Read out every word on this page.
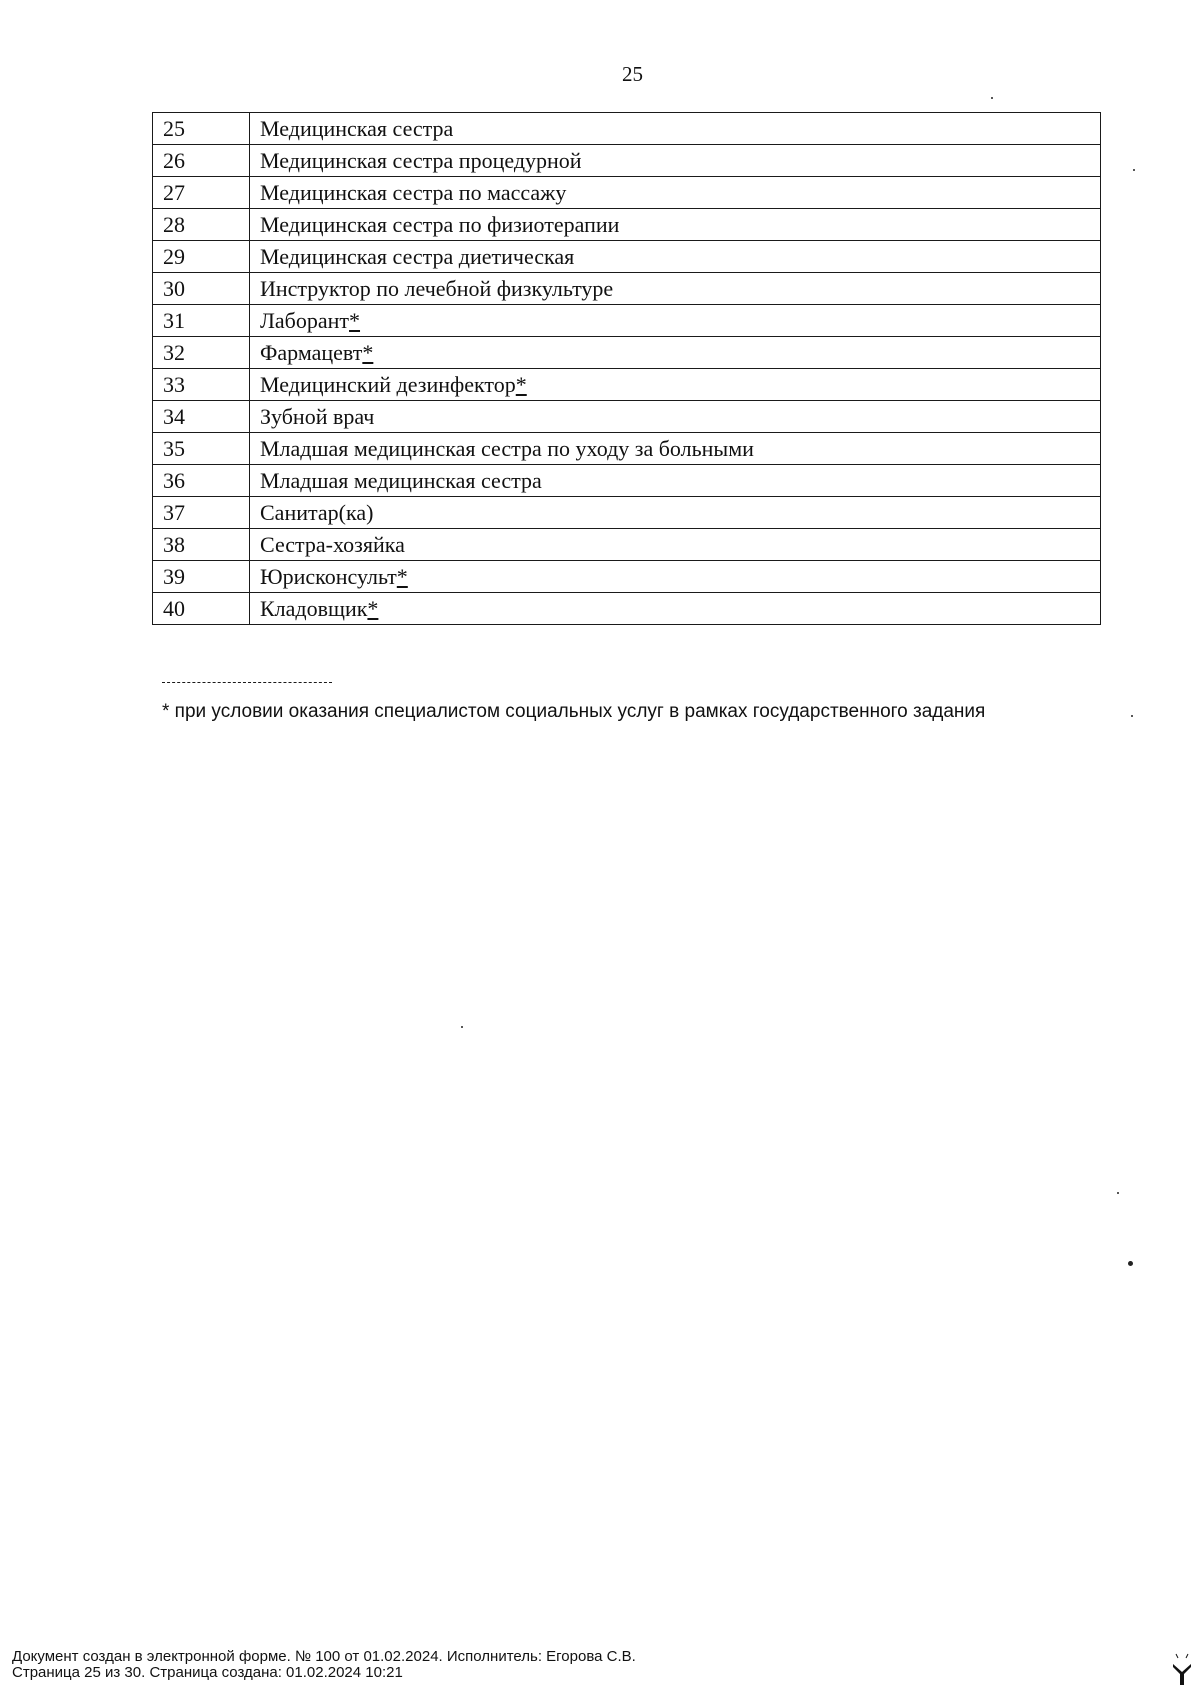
25
25	Медицинская сестра
26	Медицинская сестра процедурной
27	Медицинская сестра по массажу
28	Медицинская сестра по физиотерапии
29	Медицинская сестра диетическая
30	Инструктор по лечебной физкультуре
31	Лаборант*
32	Фармацевт*
33	Медицинский дезинфектор*
34	Зубной врач
35	Младшая медицинская сестра по уходу за больными
36	Младшая медицинская сестра
37	Санитар(ка)
38	Сестра-хозяйка
39	Юрисконсульт*
40	Кладовщик*
* при условии оказания специалистом социальных услуг в рамках государственного задания
Документ создан в электронной форме. № 100 от 01.02.2024. Исполнитель: Егорова С.В.
Страница 25 из 30. Страница создана: 01.02.2024 10:21
